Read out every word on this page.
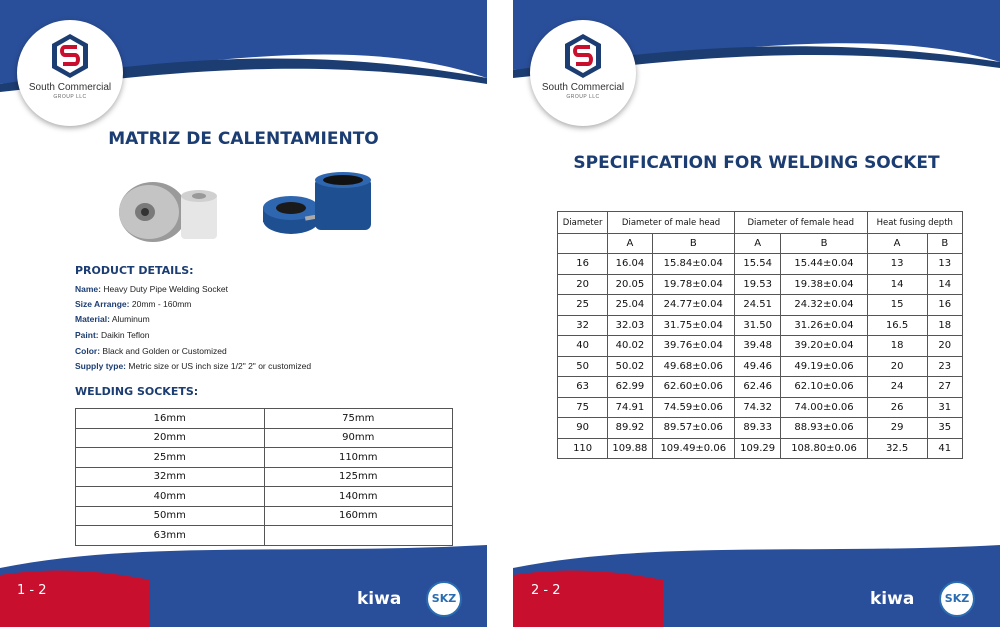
South Commercial
GROUP LLC
MATRIZ DE CALENTAMIENTO
PRODUCT DETAILS:
Name: Heavy Duty Pipe Welding Socket
Size Arrange: 20mm - 160mm
Material: Aluminum
Paint: Daikin Teflon
Color: Black and Golden or Customized
Supply type: Metric size or US inch size 1/2" 2" or customized
WELDING SOCKETS:
16mm	75mm
20mm	90mm
25mm	110mm
32mm	125mm
40mm	140mm
50mm	160mm
63mm	
1 - 2	kiwa	SKZ
South Commercial
GROUP LLC
SPECIFICATION FOR WELDING SOCKET
Diameter	Diameter of male head		Diameter of female head		Heat fusing depth	
	A	B	A	B	A	B
16	16.04	15.84±0.04	15.54	15.44±0.04	13	13
20	20.05	19.78±0.04	19.53	19.38±0.04	14	14
25	25.04	24.77±0.04	24.51	24.32±0.04	15	16
32	32.03	31.75±0.04	31.50	31.26±0.04	16.5	18
40	40.02	39.76±0.04	39.48	39.20±0.04	18	20
50	50.02	49.68±0.06	49.46	49.19±0.06	20	23
63	62.99	62.60±0.06	62.46	62.10±0.06	24	27
75	74.91	74.59±0.06	74.32	74.00±0.06	26	31
90	89.92	89.57±0.06	89.33	88.93±0.06	29	35
110	109.88	109.49±0.06	109.29	108.80±0.06	32.5	41
2 - 2	kiwa	SKZ
